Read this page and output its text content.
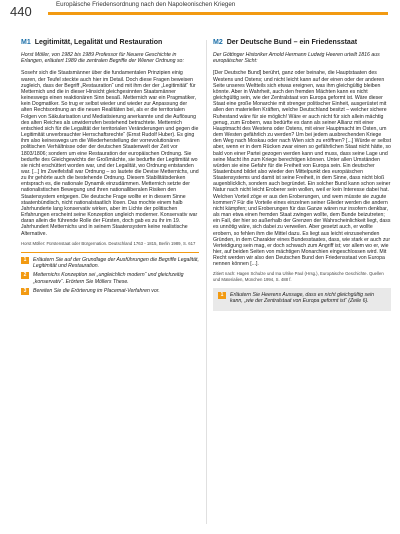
440	Europäische Friedensordnung nach den Napoleonischen Kriegen
M1 Legitimität, Legalität und Restauration
Horst Möller, von 1982 bis 1989 Professor für Neuere Geschichte in Erlangen, erläutert 1989 die zentralen Begriffe der Wiener Ordnung so:

Sosehr sich die Staatsmänner über die fundamentalen Prinzipien einig waren, der Teufel steckte auch hier im Detail. Doch diese Fragen beweisen zugleich, dass der Begriff „Restauration“ und mit ihm der der „Legitimität“ für Metternich und die in dieser Hinsicht gleichgesinnten Staatsmänner keineswegs einen reaktionären Sinn besaß. Metternich war ein Pragmatiker, kein Dogmatiker. So trug er selbst wieder und wieder zur Anpassung der alten Rechtsordnung an die neuen Realitäten bei, als er die territorialen Folgen von Säkularisation und Mediatisierung anerkannte und die Auflösung des alten Reiches als unwiderrufen bestehend betrachtete. Metternich entschied sich für die Legalität der territorialen Veränderungen und gegen die Legitimität unverbrauchter Herrschaftsrechte“ (Ernst Rudolf Huber). Es ging ihm also keineswegs um die Wiederherstellung der vorrevolutionären politischen Verhältnisse oder der deutschen Staatenwelt der Zeit vor 1803/1806; sondern um eine Restauration der europäischen Ordnung. Sie bedurfte des Gleichgewichts der Großmächte, sie bedurfte der Legitimität wo sie nicht erschüttert worden war, und der Legalität, wo Ordnung entstanden war. [...] Im Zweifelsfall war Ordnung – so lautete die Devise Metternichs, und zu ihr gehörte auch die bestehende Ordnung. Diesem Stabilitätsdenken entsprach es, die nationale Dynamik einzudämmen. Metternich setzte der nationalistischen Bewegung und ihren nationalliberalen Risiken den Staatensystem entgegen. Die deutsche Frage wollte er in diesem Sinne staatenbündisch, nicht nationalstaatlich lösen. Das mochte einem halb Jahrhunderte lang konservativ wirken, aber im Lichte der politischen Erfahrungen erscheint seine Konzeption ungleich moderner. Konservativ war daran allein die führende Rolle der Fürsten, doch gab es zu ihr im 19. Jahrhundert Metternichs und in seinem Staatensystem keine realistische Alternative.

Horst Möller: Fürstenstaat oder Bürgernation. Deutschland 1763 - 1815, Berlin 1989, S. 617
1	Erläutern Sie auf der Grundlage der Ausführungen die Begriffe Legalität, Legitimität und Restauration.
2	Metternichs Konzeption sei „ungleichlich modern“ und gleichzeitig „konservativ“. Erörtern Sie Möllers These.
3	Bereiten Sie die Erörterung im Placemat-Verfahren vor.
M2 Der Deutsche Bund – ein Friedensstaat
Der Göttinger Historiker Arnold Hermann Ludwig Heeren urteilt 1816 aus europäischer Sicht:

[Der Deutsche Bund] berührt, ganz oder beinahe, die Hauptstaaten des Westens und Ostens; und nicht leicht kann auf der einen oder der anderen Seite unseres Weltteils sich etwas ereignen, was ihm gleichgültig bleiben könnte. Aber in Wahrheit, auch den fremden Mächten kann es nicht gleichgültig sein, wie der Zentralstaat von Europa geformt ist. Wäre dieser Staat eine große Monarchie mit strenger politischer Einheit, ausgerüstet mit allen den materiellen Kräften, welche Deutschland besitzt – welcher sichere Ruhestand wäre für sie möglich! Wäre er auch nicht für sich allein mächtig genug, zum Erobern, was bedürfte es dann als seiner Allianz mit einer Hauptmacht des Westens oder Ostens, mit einer Hauptmacht im Osten, um dem Westen gefährlich zu werden? Um bei jedem ausbrechenden Kriege den Weg nach Moskau oder nach Wien sich zu eröffnen? [...] Würde er selbst aber, wenn er in dem Rücken zwar einen so gefährlichen Staat nicht hätte, so bald von einer Partei gezogen werden kann und muss, dass seine Lage und seine Macht ihn zum Kriege berechtigen können. Unter allen Umständen würden sie eine Gefahr für die Freiheit von Europa sein. Ein deutscher Staatenbund bildet also wieder den Mittelpunkt des europäischen Staatensystems und damit ist seine Freiheit, in dem Sinne, dass nicht bloß augenblicklich, sondern auch begründet. Ein solcher Bund kann schon seiner Natur nach nicht leicht Eroberer sein wollen, weil er kein Interesse dabei hat. Welchen Vorteil zöge er aus den Eroberungen, und wem müsste sie zugute kommen? Für die Vorteile eines einzelnen seiner Glieder werden die andern nicht kämpfen; und Eroberungen für das Ganze wären nur insofern denkbar, als man etwa einen fremden Staat zwingen wollte, dem Bunde beizutreten; ein Fall, der hier so außerhalb der Grenzen der Wahrscheinlichkeit liegt, dass es unnötig wäre, sich dabei zu verweilen. Aber gesetzt auch, er wollte erobern, so fehlen ihm die Mittel dazu. Es liegt aus leicht einzusehenden Gründen, in dem Charakter eines Bundesstaates, dass, wie stark er auch zur Verteidigung sein mag, er doch schwach zum Angriff ist; vor allem wo er, wie hier, auf beiden Seiten von mächtigen Monarchien eingeschlossen wird. Mit Recht werden wir also den Deutschen Bund den Friedensstaat von Europa nennen können [...].

Zitiert nach: Hagen Schulze und Ina Ulrike Paul (Hrsg.), Europäische Geschichte. Quellen und Materialien, München 1994, S. 488 f.
1	Erläutern Sie Heerens Aussage, dass es nicht gleichgültig sein kann, „wie der Zentralstaat von Europa geformt ist“ (Zeile 6).
